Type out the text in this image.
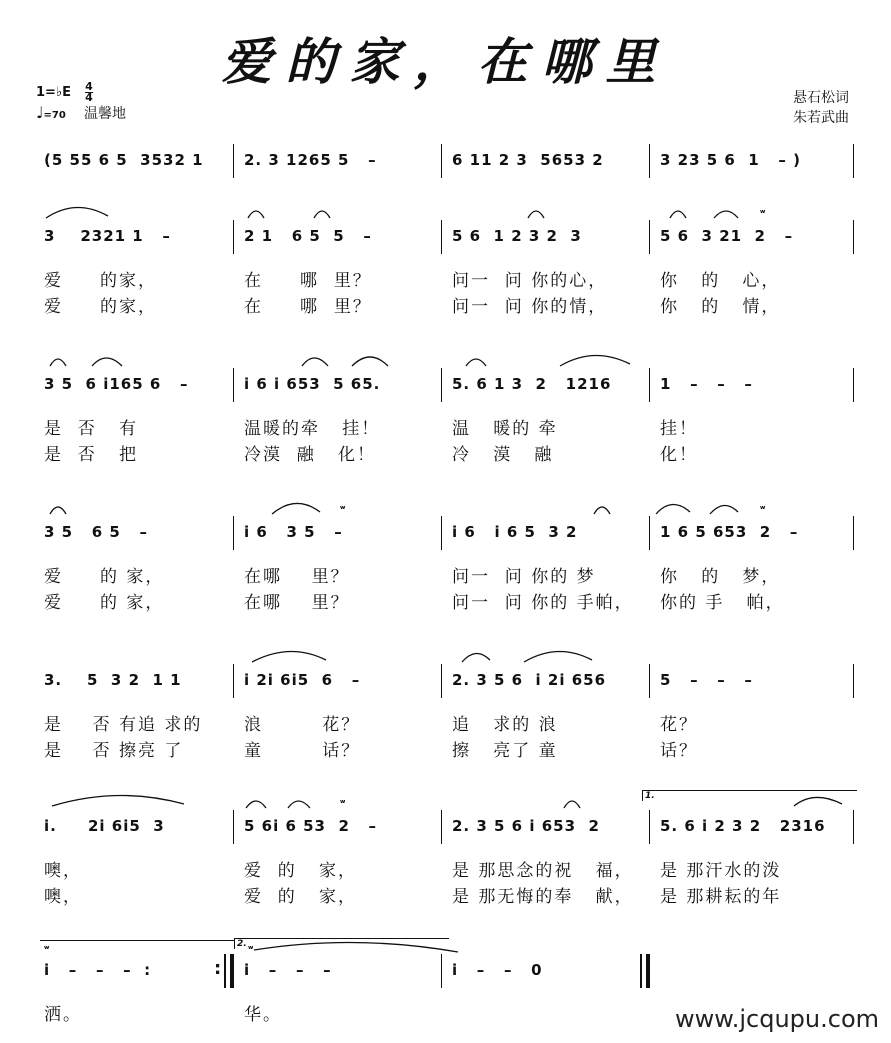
爱的家，在哪里
1=♭E $\frac{4}{4}$
♩=70 温馨地
悬石松词
朱若武曲
(5 55 6 5  3532 1	2. 3 1265 5   –	6 11 2 3  5653 2	3 23 5 6  1   – )
ʷ
3    2321 1   –	2 1   6 5  5   –	5 6  1 2 3 2  3	5 6  3 21  2   –
爱     的家，	在     哪  里？	问一  问 你的心，	你   的   心，
爱     的家，	在     哪  里？	问一  问 你的情，	你   的   情，
3 5  6 i165 6   –	i 6 i 653  5 65.	5. 6 1 3  2   1216	1   –   –   –
是  否   有	温暖的牵   挂！	温   暖的 牵	挂！
是  否   把	冷漠  融   化！	冷   漠   融	化！
ʷ	ʷ
3 5   6 5   –	i 6   3 5   –	i 6   i 6 5  3 2	1 6 5 653  2   –
爱     的 家，	在哪    里？	问一  问 你的 梦	你   的   梦，
爱     的 家，	在哪    里？	问一  问 你的 手帕，	你的 手   帕，
3.    5  3 2  1 1	i 2i 6i5  6   –	2. 3 5 6  i 2i 656	5   –   –   –
是    否 有追 求的	浪        花？	追   求的 浪	花？
是    否 擦亮 了	童        话？	擦   亮了 童	话？
1.
ʷ
i.     2i 6i5  3	5 6i 6 53  2   –	2. 3 5 6 i 653  2	5. 6 i 2 3 2   2316
噢，	爱  的   家，	是 那思念的祝   福，	是 那汗水的泼
噢，	爱  的   家，	是 那无悔的奉   献，	是 那耕耘的年
2.
ʷ	ʷ
i   –   –   –  : :	i   –   –   –	i   –   –   0
洒。	华。	www.jcqupu.com
